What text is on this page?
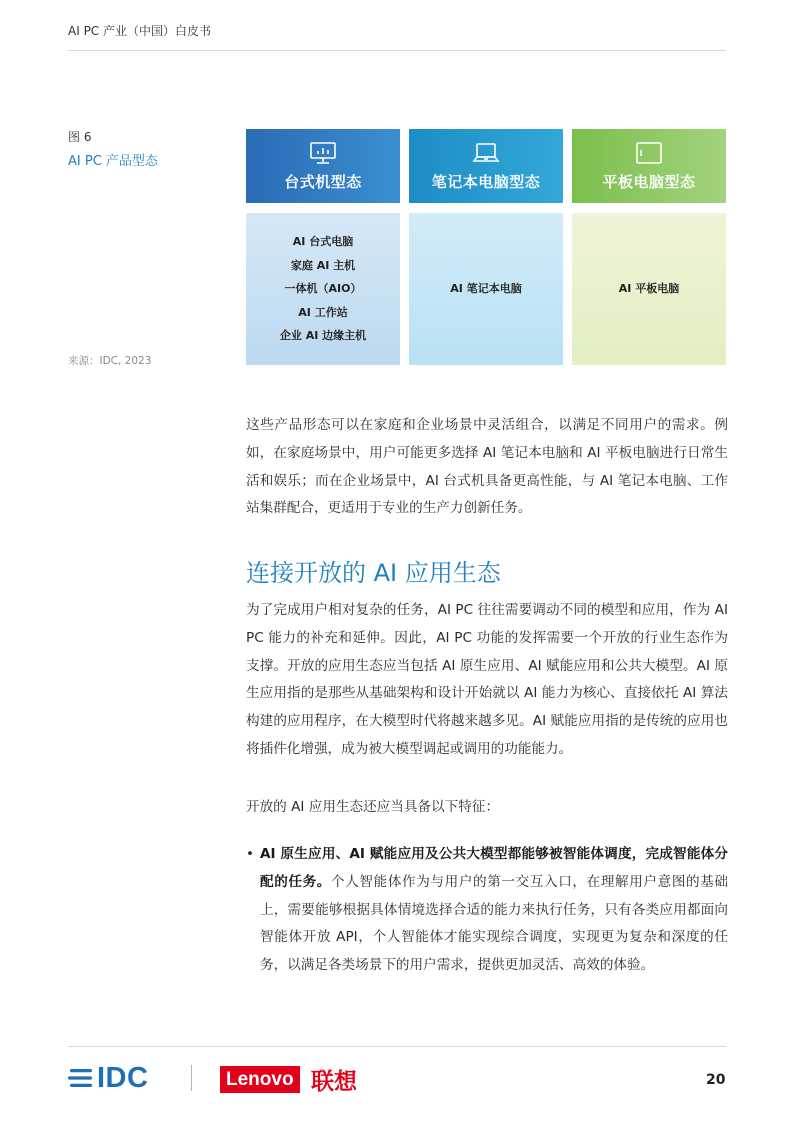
AI PC 产业（中国）白皮书
图 6
AI PC 产品型态
来源：IDC, 2023
台式机型态	笔记本电脑型态	平板电脑型态
AI 台式电脑
家庭 AI 主机
一体机（AIO）
AI 工作站
企业 AI 边缘主机
AI 笔记本电脑	AI 平板电脑
这些产品形态可以在家庭和企业场景中灵活组合，以满足不同用户的需求。例如，在家庭场景中，用户可能更多选择 AI 笔记本电脑和 AI 平板电脑进行日常生活和娱乐；而在企业场景中，AI 台式机具备更高性能，与 AI 笔记本电脑、工作站集群配合，更适用于专业的生产力创新任务。
连接开放的 AI 应用生态
为了完成用户相对复杂的任务，AI PC 往往需要调动不同的模型和应用，作为 AI PC 能力的补充和延伸。因此，AI PC 功能的发挥需要一个开放的行业生态作为支撑。开放的应用生态应当包括 AI 原生应用、AI 赋能应用和公共大模型。AI 原生应用指的是那些从基础架构和设计开始就以 AI 能力为核心、直接依托 AI 算法构建的应用程序，在大模型时代将越来越多见。AI 赋能应用指的是传统的应用也将插件化增强，成为被大模型调起或调用的功能能力。
开放的 AI 应用生态还应当具备以下特征：
• AI 原生应用、AI 赋能应用及公共大模型都能够被智能体调度，完成智能体分配的任务。个人智能体作为与用户的第一交互入口，在理解用户意图的基础上，需要能够根据具体情境选择合适的能力来执行任务，只有各类应用都面向智能体开放 API，个人智能体才能实现综合调度，实现更为复杂和深度的任务，以满足各类场景下的用户需求，提供更加灵活、高效的体验。
IDC	Lenovo 联想	20
